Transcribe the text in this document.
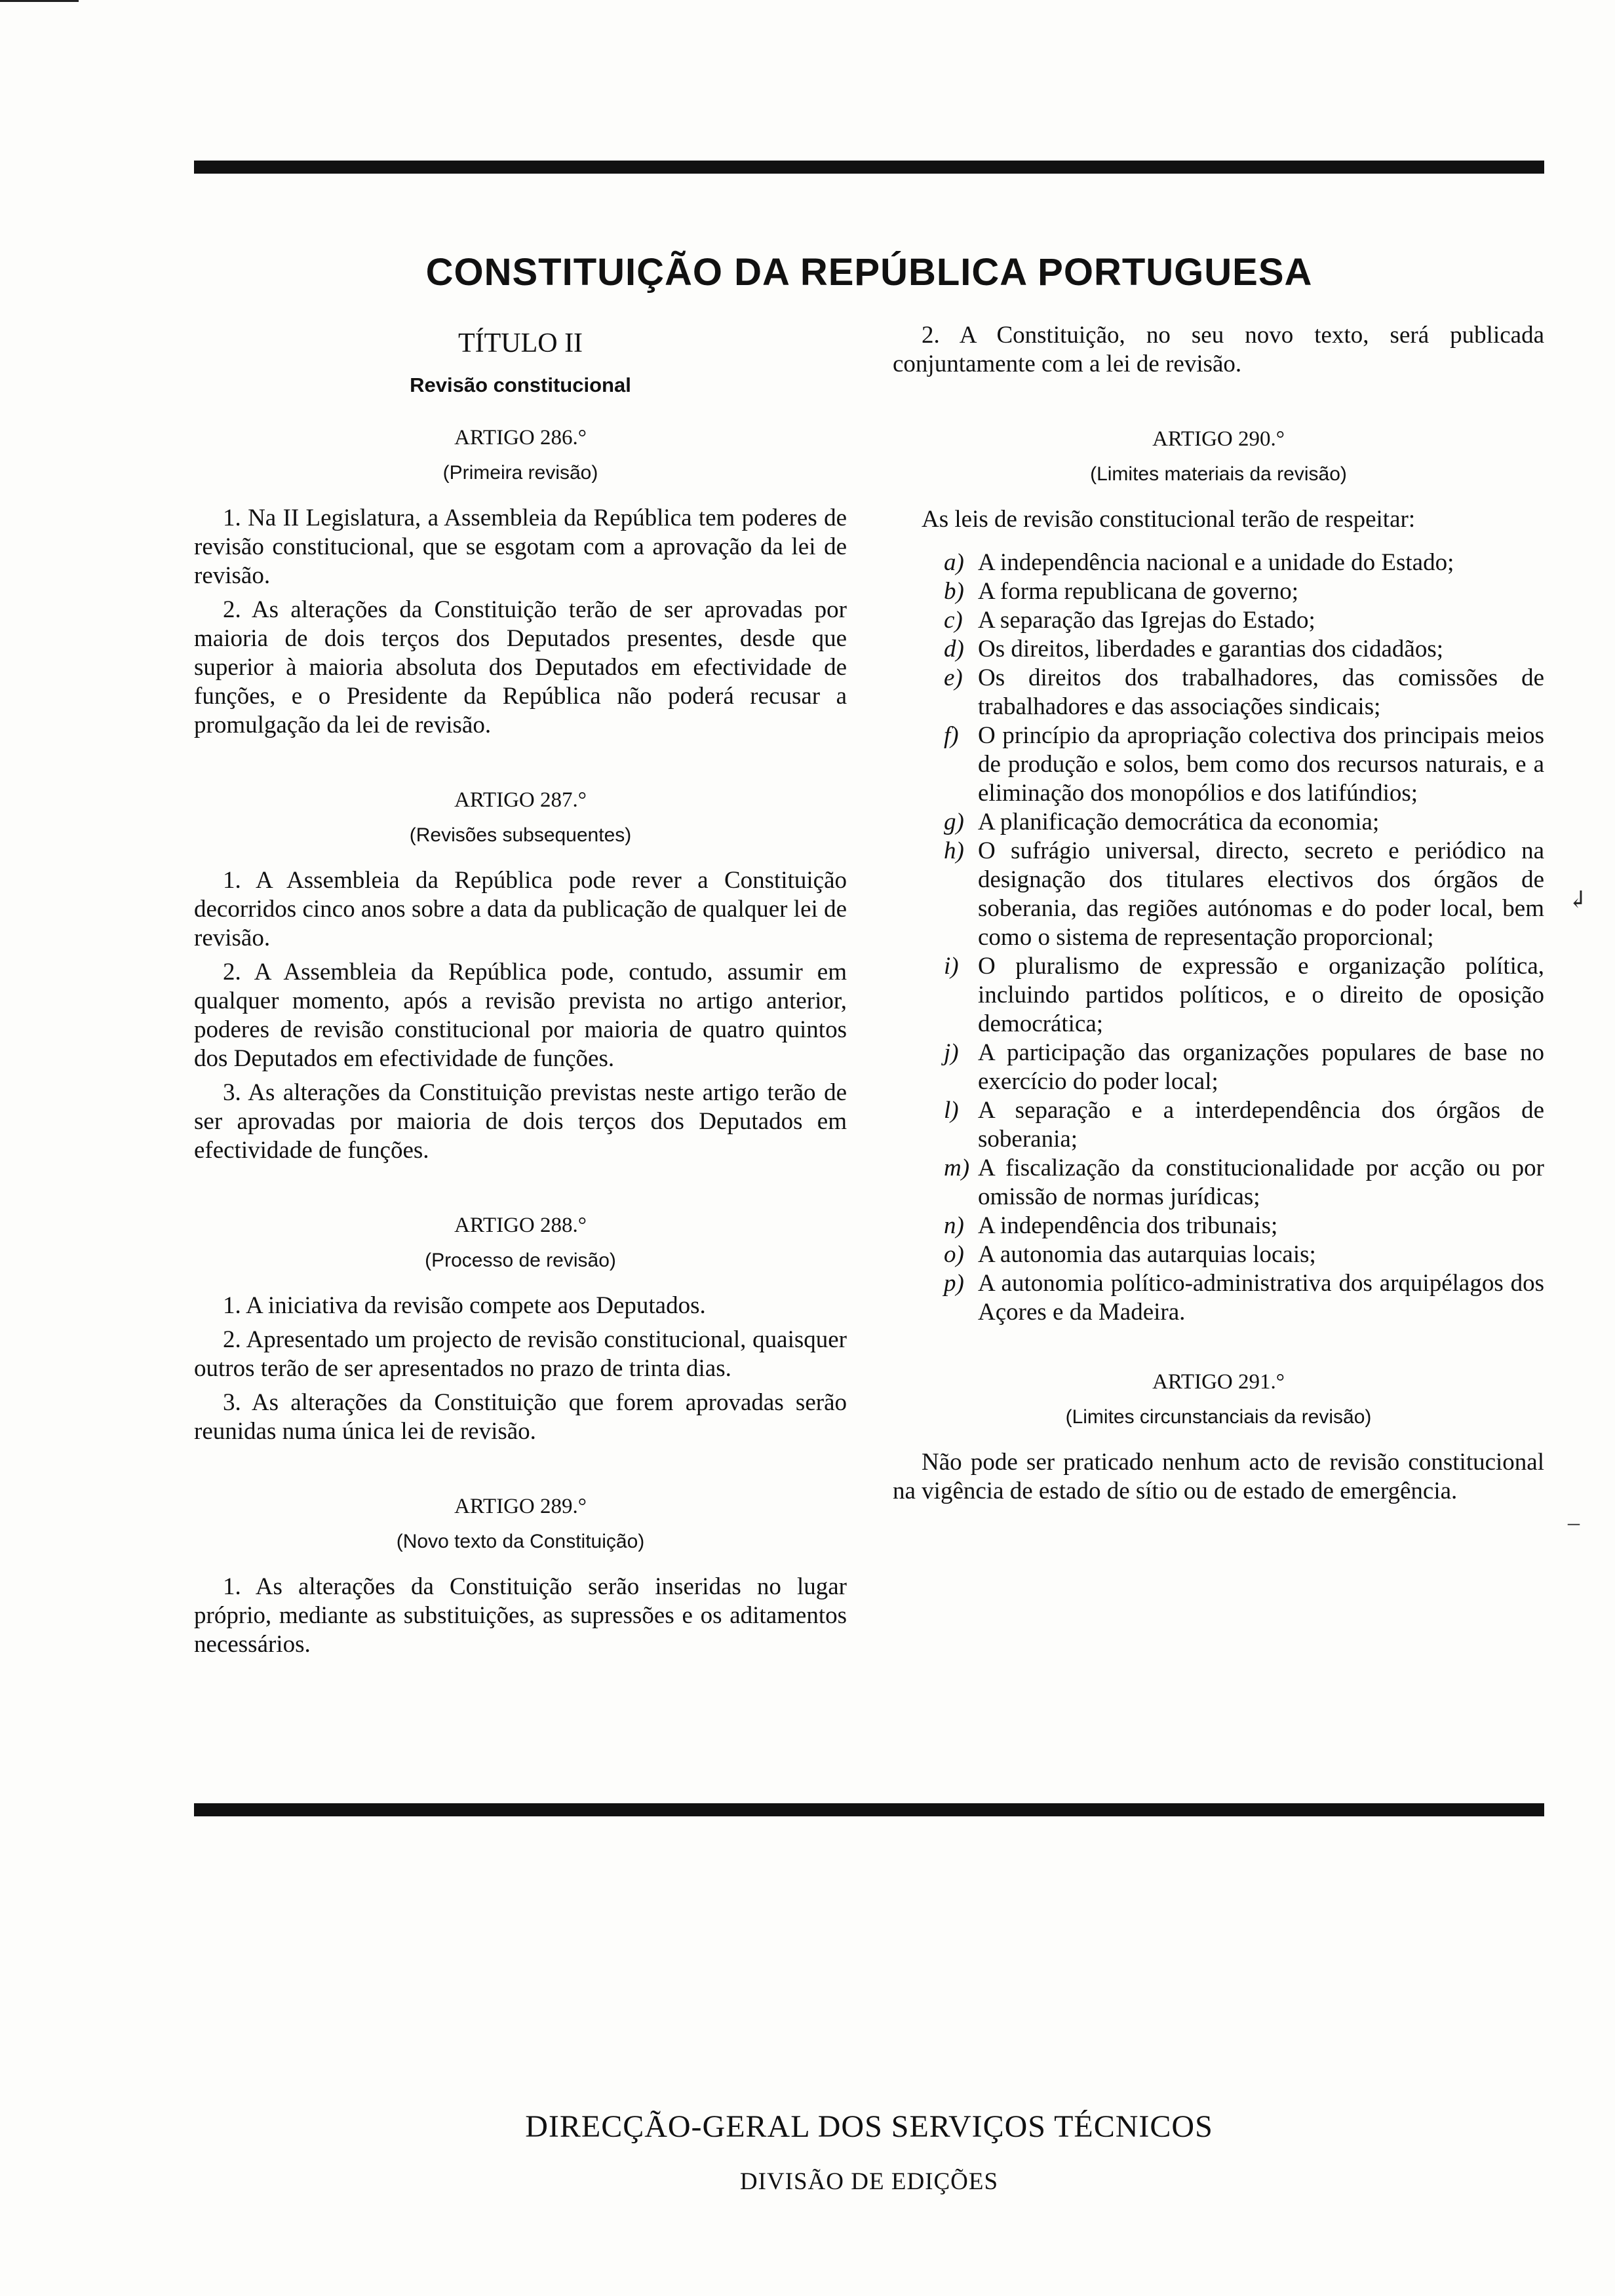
CONSTITUIÇÃO DA REPÚBLICA PORTUGUESA
TÍTULO II
Revisão constitucional
ARTIGO 286.°
(Primeira revisão)

1. Na II Legislatura, a Assembleia da República tem poderes de revisão constitucional, que se esgotam com a aprovação da lei de revisão.

2. As alterações da Constituição terão de ser aprovadas por maioria de dois terços dos Deputados presentes, desde que superior à maioria absoluta dos Deputados em efectividade de funções, e o Presidente da República não poderá recusar a promulgação da lei de revisão.

ARTIGO 287.°
(Revisões subsequentes)

1. A Assembleia da República pode rever a Constituição decorridos cinco anos sobre a data da publicação de qualquer lei de revisão.

2. A Assembleia da República pode, contudo, assumir em qualquer momento, após a revisão prevista no artigo anterior, poderes de revisão constitucional por maioria de quatro quintos dos Deputados em efectividade de funções.

3. As alterações da Constituição previstas neste artigo terão de ser aprovadas por maioria de dois terços dos Deputados em efectividade de funções.

ARTIGO 288.°
(Processo de revisão)

1. A iniciativa da revisão compete aos Deputados.

2. Apresentado um projecto de revisão constitucional, quaisquer outros terão de ser apresentados no prazo de trinta dias.

3. As alterações da Constituição que forem aprovadas serão reunidas numa única lei de revisão.

ARTIGO 289.°
(Novo texto da Constituição)

1. As alterações da Constituição serão inseridas no lugar próprio, mediante as substituições, as supressões e os aditamentos necessários.

2. A Constituição, no seu novo texto, será publicada conjuntamente com a lei de revisão.

ARTIGO 290.°
(Limites materiais da revisão)

As leis de revisão constitucional terão de respeitar:

a) A independência nacional e a unidade do Estado;
b) A forma republicana de governo;
c) A separação das Igrejas do Estado;
d) Os direitos, liberdades e garantias dos cidadãos;
e) Os direitos dos trabalhadores, das comissões de trabalhadores e das associações sindicais;
f) O princípio da apropriação colectiva dos principais meios de produção e solos, bem como dos recursos naturais, e a eliminação dos monopólios e dos latifúndios;
g) A planificação democrática da economia;
h) O sufrágio universal, directo, secreto e periódico na designação dos titulares electivos dos órgãos de soberania, das regiões autónomas e do poder local, bem como o sistema de representação proporcional;
i) O pluralismo de expressão e organização política, incluindo partidos políticos, e o direito de oposição democrática;
j) A participação das organizações populares de base no exercício do poder local;
l) A separação e a interdependência dos órgãos de soberania;
m) A fiscalização da constitucionalidade por acção ou por omissão de normas jurídicas;
n) A independência dos tribunais;
o) A autonomia das autarquias locais;
p) A autonomia político-administrativa dos arquipélagos dos Açores e da Madeira.
ARTIGO 291.°
(Limites circunstanciais da revisão)

Não pode ser praticado nenhum acto de revisão constitucional na vigência de estado de sítio ou de estado de emergência.

↲
–

DIRECÇÃO-GERAL DOS SERVIÇOS TÉCNICOS

DIVISÃO DE EDIÇÕES
